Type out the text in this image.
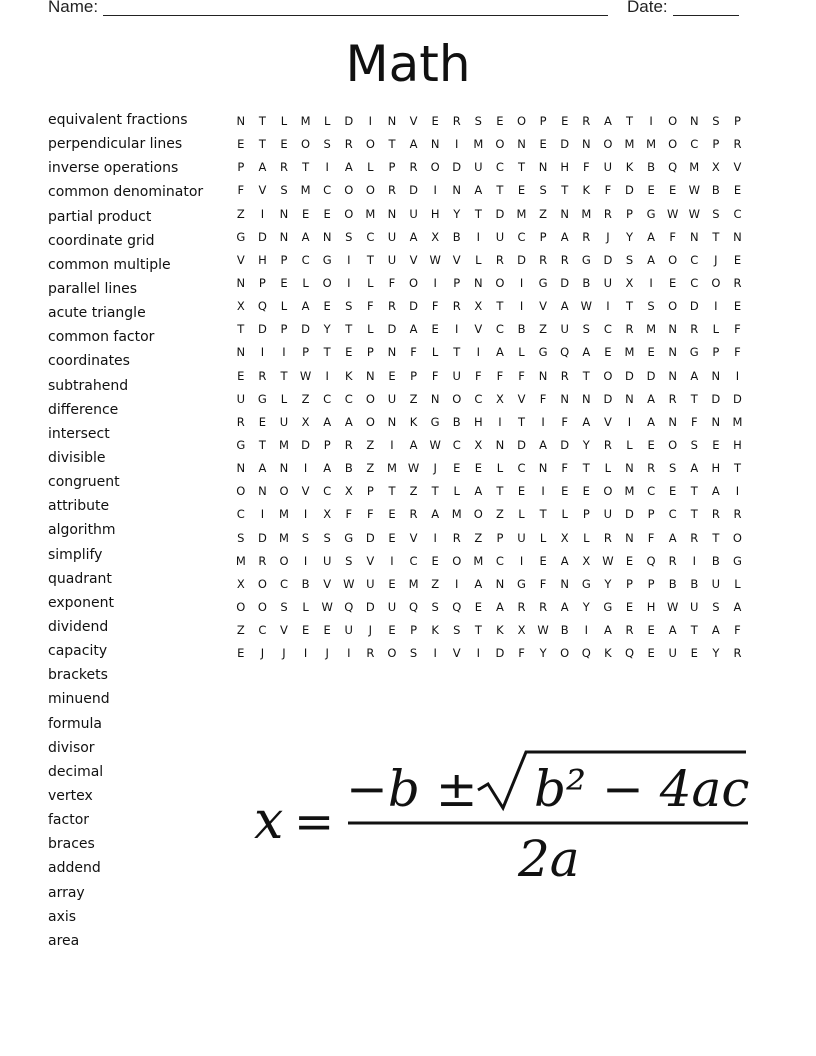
Name:	Date:
Math
equivalent fractions
perpendicular lines
inverse operations
common denominator
partial product
coordinate grid
common multiple
parallel lines
acute triangle
common factor
coordinates
subtrahend
difference
intersect
divisible
congruent
attribute
algorithm
simplify
quadrant
exponent
dividend
capacity
brackets
minuend
formula
divisor
decimal
vertex
factor
braces
addend
array
axis
area
N	T	L	M	L	D	I	N	V	E	R	S	E	O	P	E	R	A	T	I	O	N	S	P
E	T	E	O	S	R	O	T	A	N	I	M	O	N	E	D	N	O	M	M	O	C	P	R
P	A	R	T	I	A	L	P	R	O	D	U	C	T	N	H	F	U	K	B	Q	M	X	V
F	V	S	M	C	O	O	R	D	I	N	A	T	E	S	T	K	F	D	E	E	W	B	E
Z	I	N	E	E	O	M	N	U	H	Y	T	D	M	Z	N	M	R	P	G W W	S	C
G	D	N	A	N	S	C	U	A	X	B	I	U	C	P	A	R	J	Y	A	F	N	T	N
V	H	P	C	G	I	T	U	V	W	V	L	R	D	R	R	G	D	S	A	O	C	J	E
N	P	E	L	O	I	L	F	O	I	P	N	O	I	G	D	B	U	X	I	E	C	O	R
X	Q	L	A	E	S	F	R	D	F	R	X	T	I	V	A	W	I	T	S	O	D	I	E
T	D	P	D	Y	T	L	D	A	E	I	V	C	B	Z	U	S	C	R	M	N	R	L	F
N	I	I	P	T	E	P	N	F	L	T	I	A	L	G	Q	A	E	M	E	N	G	P	F
E	R	T	W	I	K	N	E	P	F	U	F	F	F	N	R	T	O	D	D	N	A	N	I
U	G	L	Z	C	C	O	U	Z	N	O	C	X	V	F	N	N	D	N	A	R	T	D	D
R	E	U	X	A	A	O	N	K	G	B	H	I	T	I	F	A	V	I	A	N	F	N	M
G	T	M	D	P	R	Z	I	A	W	C	X	N	D	A	D	Y	R	L	E	O	S	E	H
N	A	N	I	A	B	Z	M W	J	E	E	L	C	N	F	T	L	N	R	S	A	H	T
O	N	O	V	C	X	P	T	Z	T	L	A	T	E	I	E	E	O	M	C	E	T	A	I
C	I	M	I	X	F	F	E	R	A	M	O	Z	L	T	L	P	U	D	P	C	T	R	R
S	D	M	S	S	G	D	E	V	I	R	Z	P	U	L	X	L	R	N	F	A	R	T	O
M	R	O	I	U	S	V	I	C	E	O	M	C	I	E	A	X	W	E	Q	R	I	B	G
X	O	C	B	V	W	U	E	M	Z	I	A	N	G	F	N	G	Y	P	P	B	B	U	L
O	O	S	L	W Q	D	U	Q	S	Q	E	A	R	R	A	Y	G	E	H	W	U	S	A
Z	C	V	E	E	U	J	E	P	K	S	T	K	X	W	B	I	A	R	E	A	T	A	F
E	J	J	I	J	I	R	O	S	I	V	I	D	F	Y	O	Q	K	Q	E	U	E	Y	R
x =
−b ± b² − 4ac
2a
